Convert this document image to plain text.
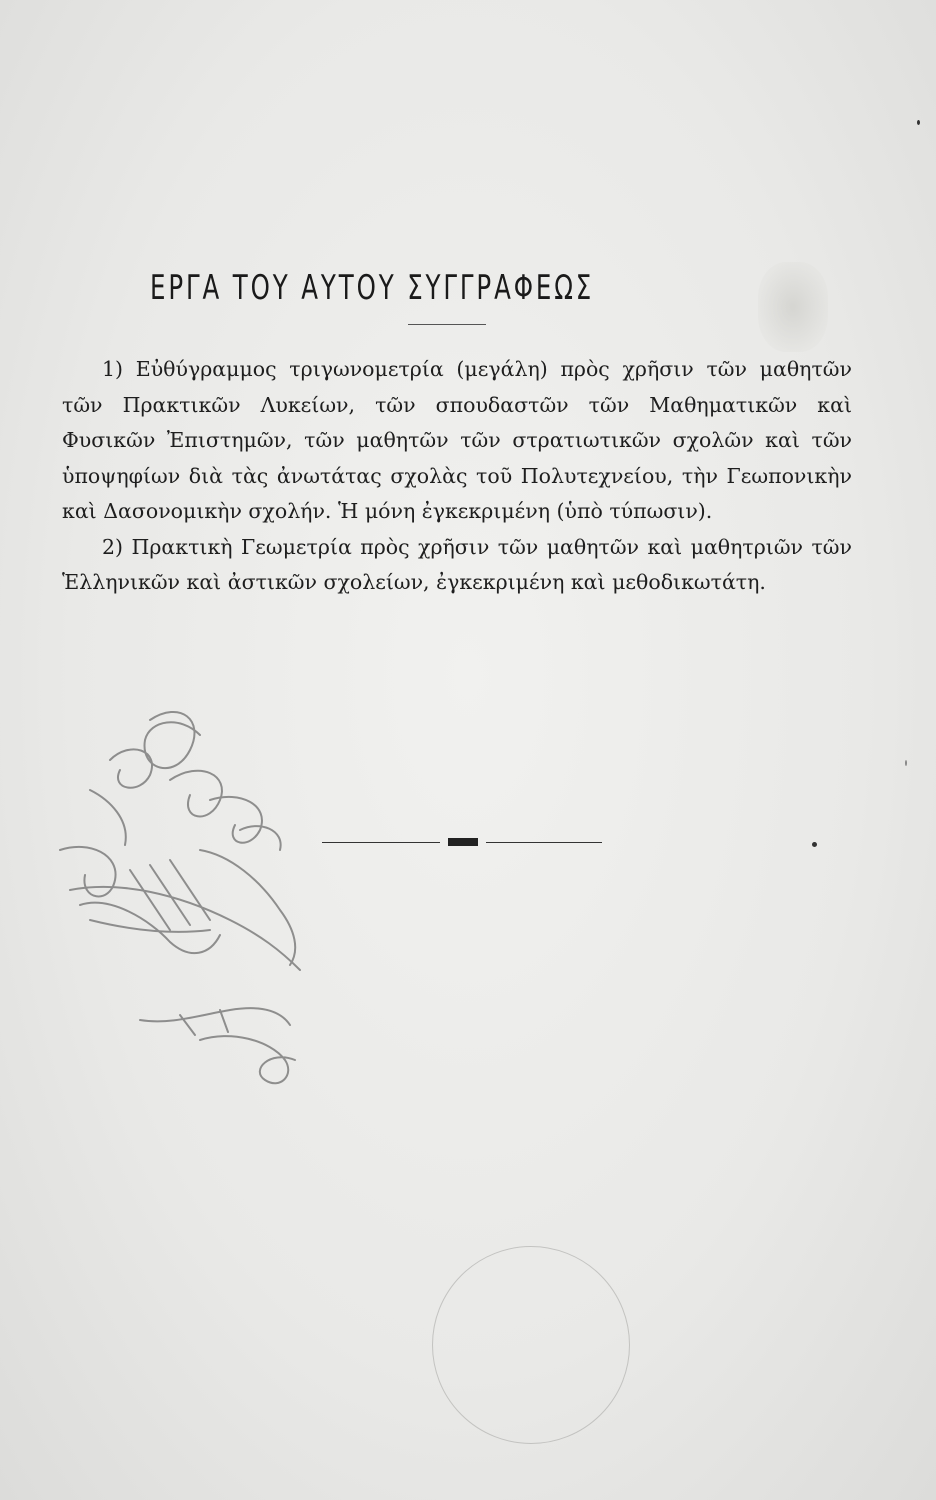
ΕΡΓΑ ΤΟΥ ΑΥΤΟΥ ΣΥΓΓΡΑΦΕΩΣ

1) Εὐθύγραμμος τριγωνομετρία (μεγάλη) πρὸς χρῆσιν τῶν μαθητῶν τῶν Πρακτικῶν Λυκείων, τῶν σπουδαστῶν τῶν Μαθηματικῶν καὶ Φυσικῶν Ἐπιστημῶν, τῶν μαθητῶν τῶν στρατιωτικῶν σχολῶν καὶ τῶν ὑποψηφίων διὰ τὰς ἀνωτάτας σχολὰς τοῦ Πολυτεχνείου, τὴν Γεωπονικὴν καὶ Δασονομικὴν σχολήν. Ἡ μόνη ἐγκεκριμένη (ὑπὸ τύπωσιν).

2) Πρακτικὴ Γεωμετρία πρὸς χρῆσιν τῶν μαθητῶν καὶ μαθητριῶν τῶν Ἑλληνικῶν καὶ ἀστικῶν σχολείων, ἐγκεκριμένη καὶ μεθοδικωτάτη.
